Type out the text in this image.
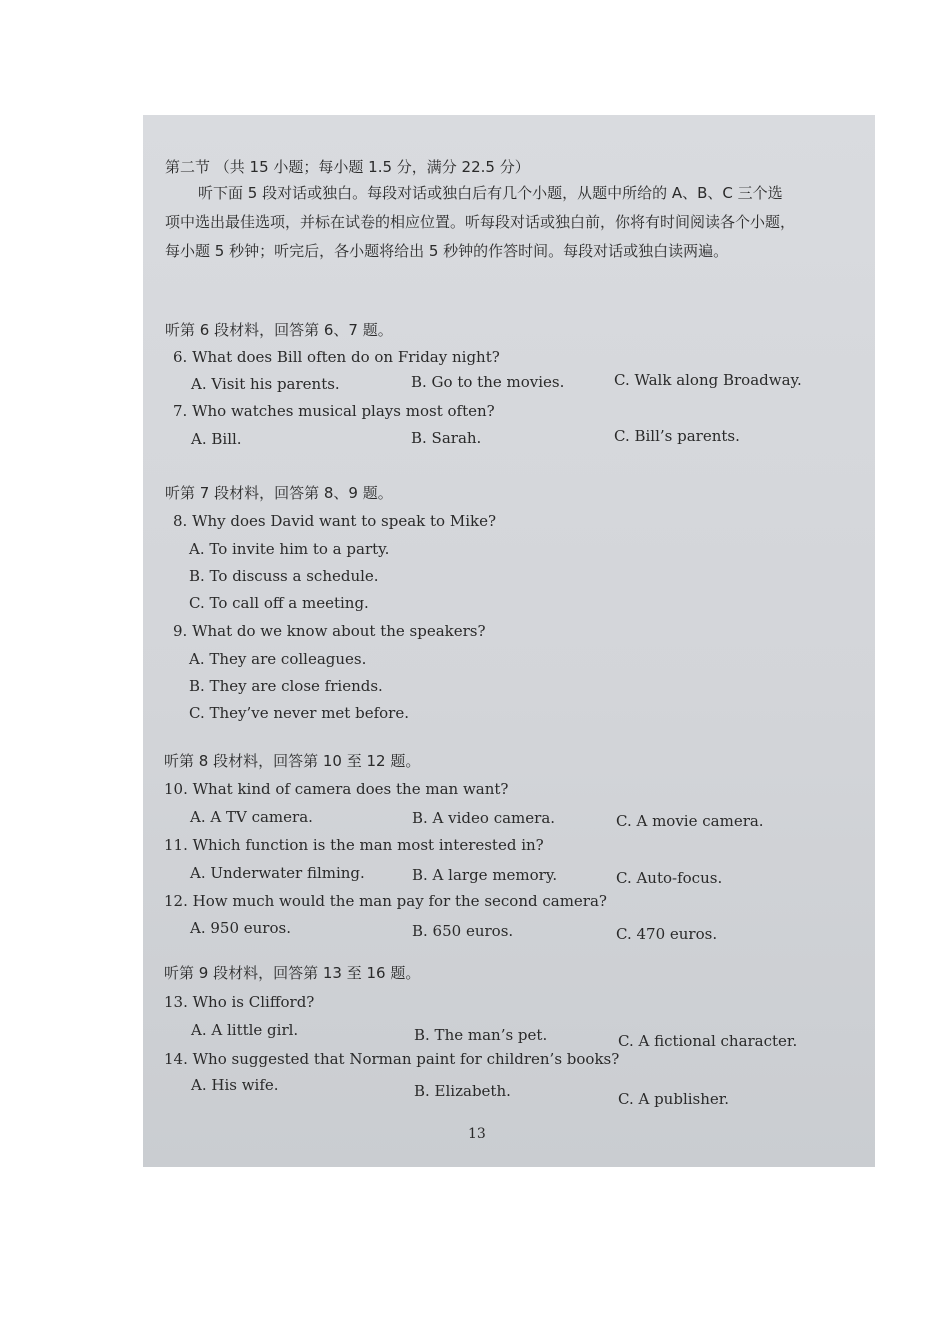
第二节 （共 15 小题；每小题 1.5 分，满分 22.5 分）
听下面 5 段对话或独白。每段对话或独白后有几个小题，从题中所给的 A、B、C 三个选项中选出最佳选项，并标在试卷的相应位置。听每段对话或独白前，你将有时间阅读各个小题，每小题 5 秒钟；听完后，各小题将给出 5 秒钟的作答时间。每段对话或独白读两遍。
听第 6 段材料，回答第 6、7 题。
6. What does Bill often do on Friday night?
A. Visit his parents.	B. Go to the movies.	C. Walk along Broadway.
7. Who watches musical plays most often?
A. Bill.	B. Sarah.	C. Bill’s parents.
听第 7 段材料，回答第 8、9 题。
8. Why does David want to speak to Mike?
A. To invite him to a party.
B. To discuss a schedule.
C. To call off a meeting.
9. What do we know about the speakers?
A. They are colleagues.
B. They are close friends.
C. They’ve never met before.
听第 8 段材料，回答第 10 至 12 题。
10. What kind of camera does the man want?
A. A TV camera.	B. A video camera.	C. A movie camera.
11. Which function is the man most interested in?
A. Underwater filming.	B. A large memory.	C. Auto-focus.
12. How much would the man pay for the second camera?
A. 950 euros.	B. 650 euros.	C. 470 euros.
听第 9 段材料，回答第 13 至 16 题。
13. Who is Clifford?
A. A little girl.	B. The man’s pet.	C. A fictional character.
14. Who suggested that Norman paint for children’s books?
A. His wife.	B. Elizabeth.	C. A publisher.
13
